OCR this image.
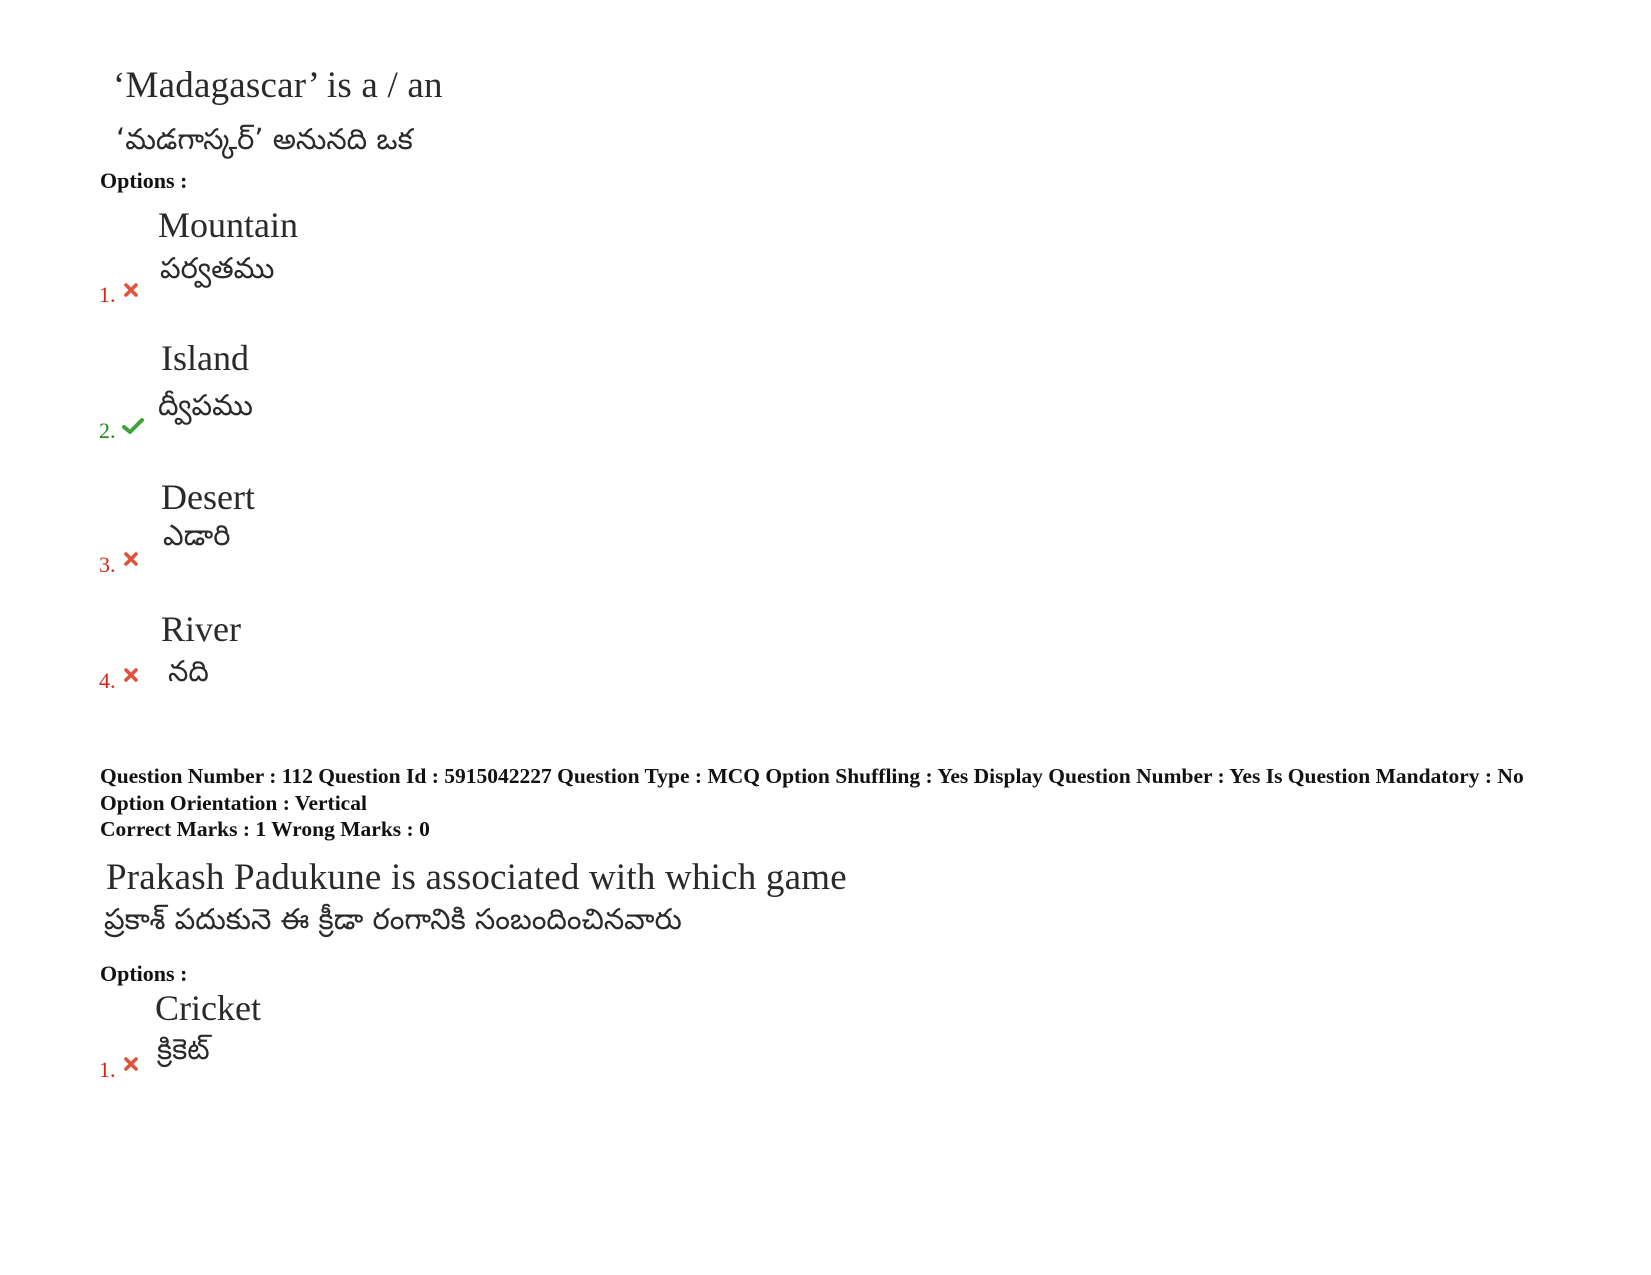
‘Madagascar’ is a / an
‘మడగాస్కర్’ అనునది ఒక
Options :
Mountain
పర్వతము
1.
Island
ద్వీపము
2.
Desert
ఎడారి
3.
River
నది
4.
Question Number : 112 Question Id : 5915042227 Question Type : MCQ Option Shuffling : Yes Display Question Number : Yes Is Question Mandatory : No Option Orientation : Vertical
Correct Marks : 1 Wrong Marks : 0
Prakash Padukune is associated with which game
ప్రకాశ్ పదుకునె ఈ క్రీడా రంగానికి సంబందించినవారు
Options :
Cricket
క్రికెట్
1.
